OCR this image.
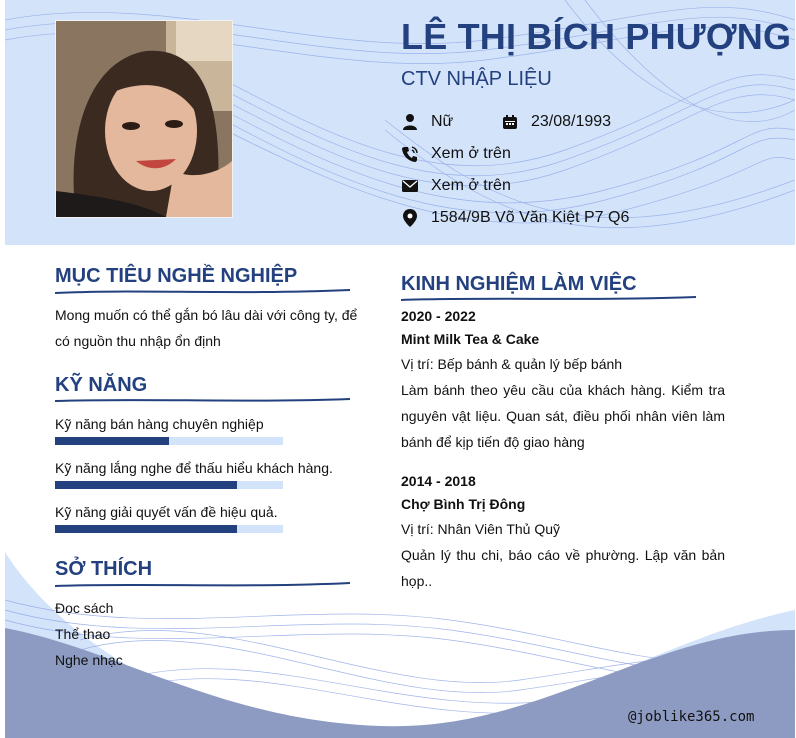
LÊ THỊ BÍCH PHƯỢNG
CTV NHẬP LIỆU
Nữ	23/08/1993
Xem ở trên
Xem ở trên
1584/9B Võ Văn Kiệt P7 Q6
MỤC TIÊU NGHỀ NGHIỆP
Mong muốn có thể gắn bó lâu dài với công ty, để
có nguồn thu nhập ổn định
KỸ NĂNG
Kỹ năng bán hàng chuyên nghiệp
Kỹ năng lắng nghe để thấu hiểu khách hàng.
Kỹ năng giải quyết vấn đề hiệu quả.
SỞ THÍCH
Đọc sách
Thể thao
Nghe nhạc
KINH NGHIỆM LÀM VIỆC
2020 - 2022
Mint Milk Tea & Cake
Vị trí: Bếp bánh & quản lý bếp bánh
Làm bánh theo yêu cầu của khách hàng. Kiểm tra nguyên vật liệu. Quan sát, điều phối nhân viên làm bánh để kịp tiến độ giao hàng
2014 - 2018
Chợ Bình Trị Đông
Vị trí: Nhân Viên Thủ Quỹ
Quản lý thu chi, báo cáo về phường. Lập văn bản họp..
@joblike365.com
